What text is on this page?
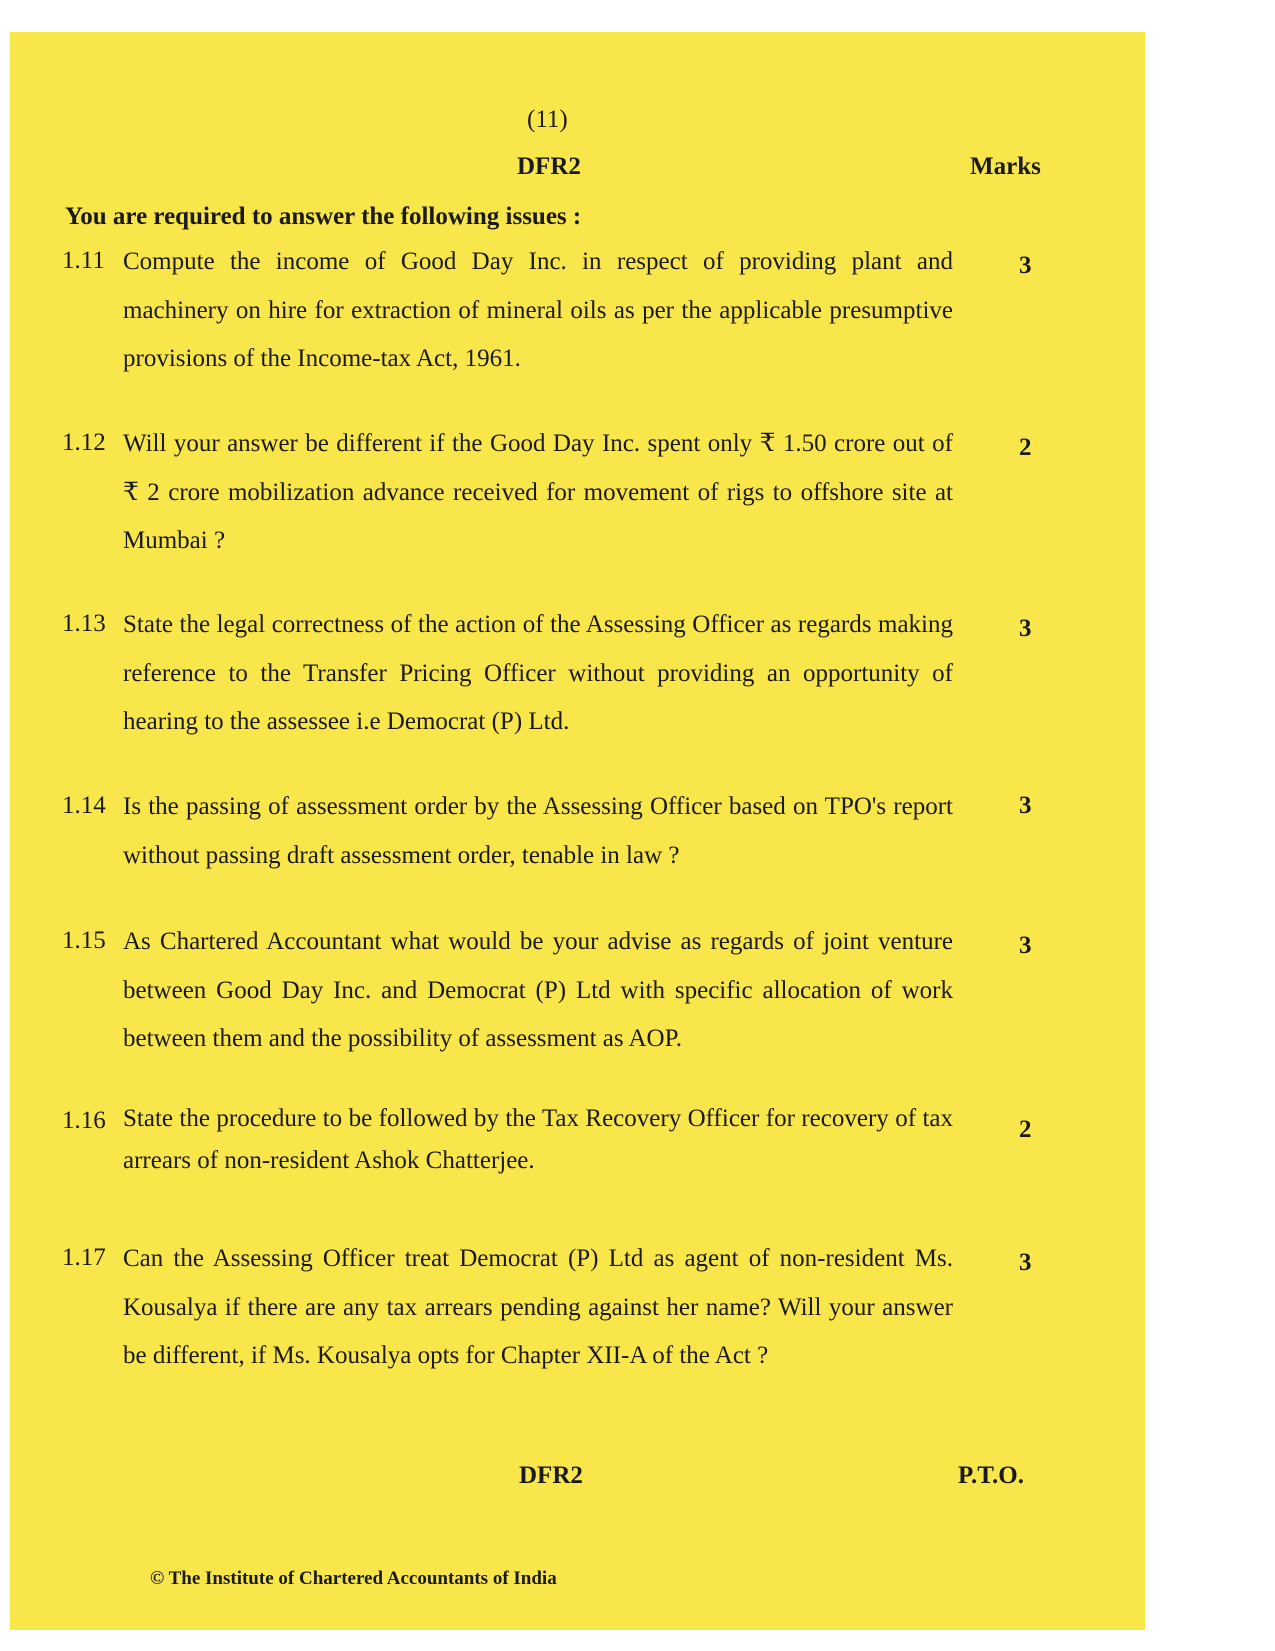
(11)
DFR2	Marks
You are required to answer the following issues :
1.11 Compute the income of Good Day Inc. in respect of providing plant and machinery on hire for extraction of mineral oils as per the applicable presumptive provisions of the Income-tax Act, 1961.
3
1.12 Will your answer be different if the Good Day Inc. spent only ₹ 1.50 crore out of ₹ 2 crore mobilization advance received for movement of rigs to offshore site at Mumbai ?
2
1.13 State the legal correctness of the action of the Assessing Officer as regards making reference to the Transfer Pricing Officer without providing an opportunity of hearing to the assessee i.e Democrat (P) Ltd.
3
1.14 Is the passing of assessment order by the Assessing Officer based on TPO's report without passing draft assessment order, tenable in law ?
3
1.15 As Chartered Accountant what would be your advise as regards of joint venture between Good Day Inc. and Democrat (P) Ltd with specific allocation of work between them and the possibility of assessment as AOP.
3
1.16 State the procedure to be followed by the Tax Recovery Officer for recovery of tax arrears of non-resident Ashok Chatterjee.
2
1.17 Can the Assessing Officer treat Democrat (P) Ltd as agent of non-resident Ms. Kousalya if there are any tax arrears pending against her name? Will your answer be different, if Ms. Kousalya opts for Chapter XII-A of the Act ?
3
DFR2	P.T.O.
© The Institute of Chartered Accountants of India
